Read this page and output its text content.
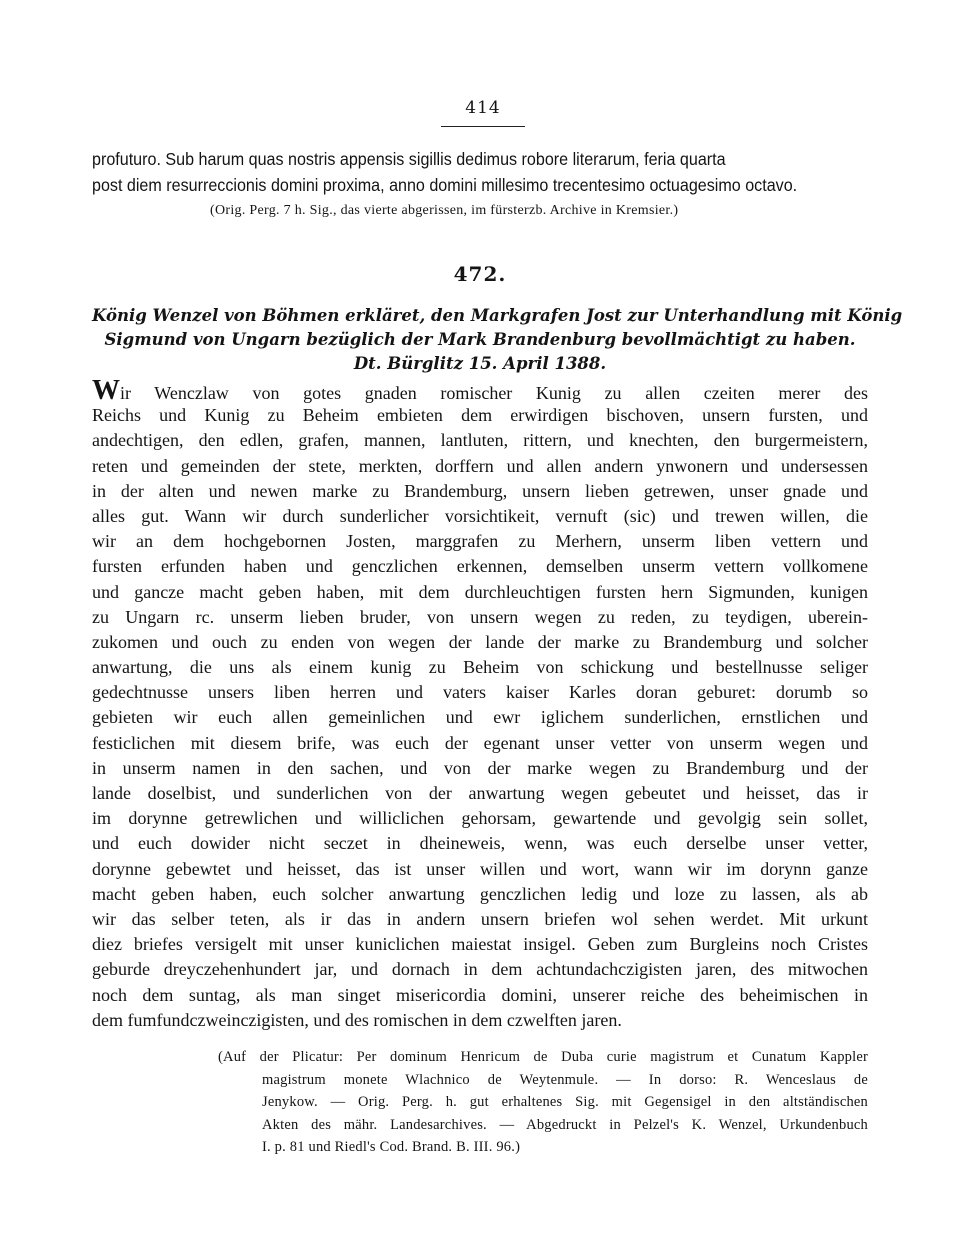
414

profuturo. Sub harum quas nostris appensis sigillis dedimus robore literarum, feria quarta

post diem resurreccionis domini proxima, anno domini millesimo trecentesimo octuagesimo octavo.

(Orig. Perg. 7 h. Sig., das vierte abgerissen, im fürsterzb. Archive in Kremsier.)
472.
König Wenzel von Böhmen erkläret, den Markgrafen Jost zur Unterhandlung mit König
Sigmund von Ungarn bezüglich der Mark Brandenburg bevollmächtigt zu haben.
Dt. Bürglitz 15. April 1388.
Wir Wenczlaw von gotes gnaden romischer Kunig zu allen czeiten merer des
Reichs und Kunig zu Beheim embieten dem erwirdigen bischoven, unsern fursten, und
andechtigen, den edlen, grafen, mannen, lantluten, rittern, und knechten, den burgermeistern,
reten und gemeinden der stete, merkten, dorffern und allen andern ynwonern und undersessen
in der alten und newen marke zu Brandemburg, unsern lieben getrewen, unser gnade und
alles gut. Wann wir durch sunderlicher vorsichtikeit, vernuft (sic) und trewen willen, die
wir an dem hochgebornen Josten, marggrafen zu Merhern, unserm liben vettern und
fursten erfunden haben und genczlichen erkennen, demselben unserm vettern vollkomene
und gancze macht geben haben, mit dem durchleuchtigen fursten hern Sigmunden, kunigen
zu Ungarn rc. unserm lieben bruder, von unsern wegen zu reden, zu teydigen, uberein-
zukomen und ouch zu enden von wegen der lande der marke zu Brandemburg und solcher
anwartung, die uns als einem kunig zu Beheim von schickung und bestellnusse seliger
gedechtnusse unsers liben herren und vaters kaiser Karles doran geburet: dorumb so
gebieten wir euch allen gemeinlichen und ewr iglichem sunderlichen, ernstlichen und
festiclichen mit diesem brife, was euch der egenant unser vetter von unserm wegen und
in unserm namen in den sachen, und von der marke wegen zu Brandemburg und der
lande doselbist, und sunderlichen von der anwartung wegen gebeutet und heisset, das ir
im dorynne getrewlichen und williclichen gehorsam, gewartende und gevolgig sein sollet,
und euch dowider nicht seczet in dheineweis, wenn, was euch derselbe unser vetter,
dorynne gebewtet und heisset, das ist unser willen und wort, wann wir im dorynn ganze
macht geben haben, euch solcher anwartung genczlichen ledig und loze zu lassen, als ab
wir das selber teten, als ir das in andern unsern briefen wol sehen werdet. Mit urkunt
diez briefes versigelt mit unser kuniclichen maiestat insigel. Geben zum Burgleins noch Cristes
geburde dreyczehenhundert jar, und dornach in dem achtundachczigisten jaren, des mitwochen
noch dem suntag, als man singet misericordia domini, unserer reiche des beheimischen in
dem fumfundczweinczigisten, und des romischen in dem czwelften jaren.
(Auf der Plicatur: Per dominum Henricum de Duba curie magistrum et Cunatum Kappler
magistrum monete Wlachnico de Weytenmule. — In dorso: R. Wenceslaus de
Jenykow. — Orig. Perg. h. gut erhaltenes Sig. mit Gegensigel in den altständischen
Akten des mähr. Landesarchives. — Abgedruckt in Pelzel's K. Wenzel, Urkundenbuch
I. p. 81 und Riedl's Cod. Brand. B. III. 96.)
